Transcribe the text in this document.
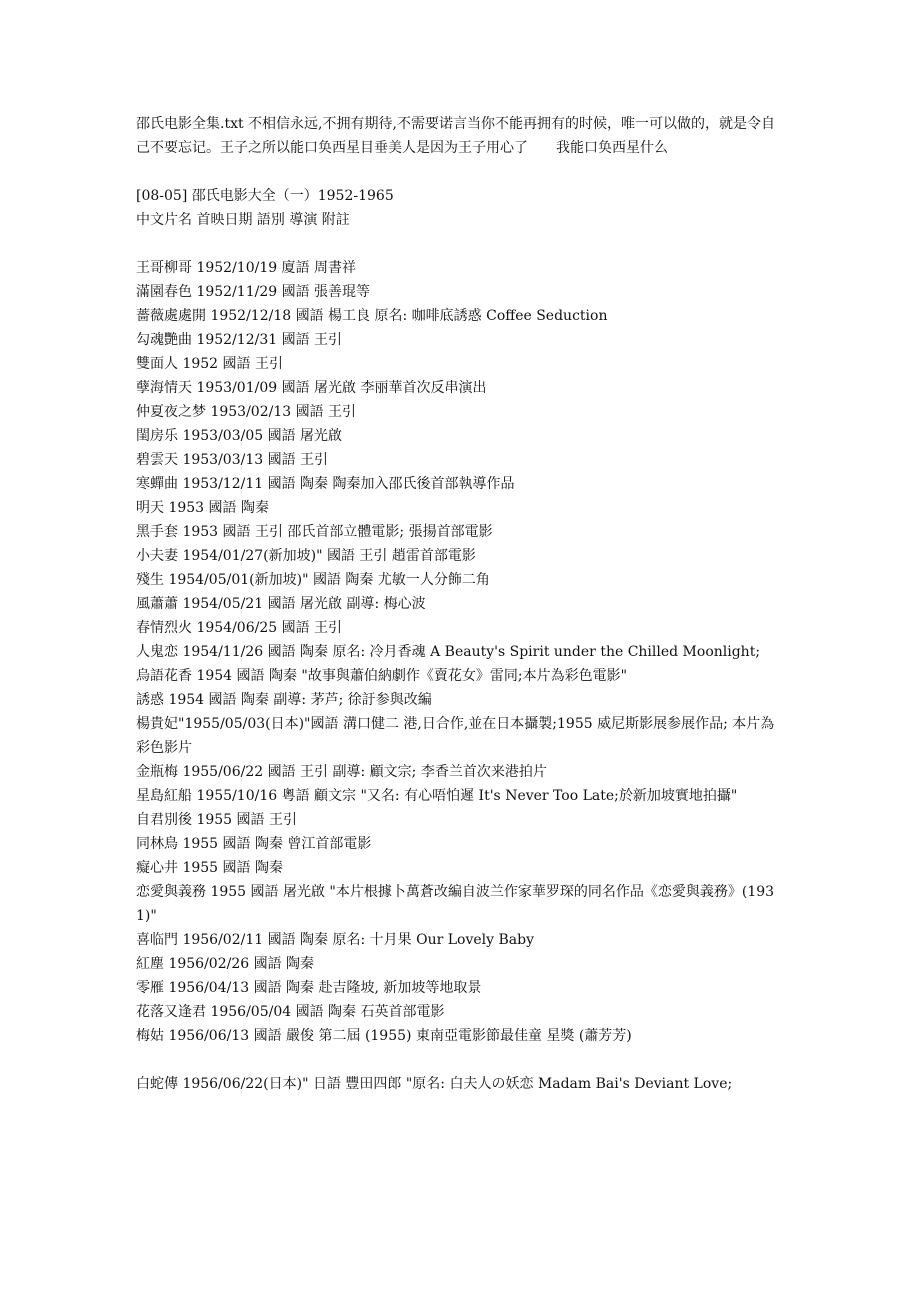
邵氏电影全集.txt 不相信永远,不拥有期待,不需要诺言当你不能再拥有的时候，唯一可以做的，就是令自己不要忘记。王子之所以能口奂西星目垂美人是因为王子用心了　　我能口奂西星什么
[08-05] 邵氏电影大全（一）1952-1965
中文片名 首映日期 語別 導演 附註
王哥柳哥 1952/10/19 廈語 周書祥
滿園春色 1952/11/29 國語 張善琨等
薔薇處處開 1952/12/18 國語 楊工良 原名: 咖啡底誘惑 Coffee Seduction
勾魂艷曲 1952/12/31 國語 王引
雙面人 1952 國語 王引
孽海情天 1953/01/09 國語 屠光啟 李丽華首次反串演出
仲夏夜之梦 1953/02/13 國語 王引
閨房乐 1953/03/05 國語 屠光啟
碧雲天 1953/03/13 國語 王引
寒蟬曲 1953/12/11 國語 陶秦 陶秦加入邵氏後首部執導作品
明天 1953 國語 陶秦
黑手套 1953 國語 王引 邵氏首部立體電影; 張揚首部電影
小夫妻 1954/01/27(新加坡)" 國語 王引 趙雷首部電影
殘生 1954/05/01(新加坡)" 國語 陶秦 尤敏一人分飾二角
風蕭蕭 1954/05/21 國語 屠光啟 副導: 梅心波
春情烈火 1954/06/25 國語 王引
人鬼恋 1954/11/26 國語 陶秦 原名: 冷月香魂 A Beauty's Spirit under the Chilled Moonlight;
烏語花香 1954 國語 陶秦 "故事與蕭伯納劇作《賣花女》雷同;本片為彩色電影"
誘惑 1954 國語 陶秦 副導: 茅芦; 徐訏参與改編
楊貴妃"1955/05/03(日本)"國語 溝口健二 港,日合作,並在日本攝製;1955 威尼斯影展参展作品; 本片為彩色影片
金瓶梅 1955/06/22 國語 王引 副導: 顧文宗; 李香兰首次来港拍片
星島紅船 1955/10/16 粵語 顧文宗 "又名: 有心唔怕遲 It's Never Too Late;於新加坡實地拍攝"
自君別後 1955 國語 王引
同林鳥 1955 國語 陶秦 曾江首部電影
癡心井 1955 國語 陶秦
恋愛與義務 1955 國語 屠光啟 "本片根據卜萬蒼改編自波兰作家華罗琛的同名作品《恋愛與義務》(1931)"
喜临門 1956/02/11 國語 陶秦 原名: 十月果 Our Lovely Baby
紅塵 1956/02/26 國語 陶秦
零雁 1956/04/13 國語 陶秦 赴吉隆坡, 新加坡等地取景
花落又逢君 1956/05/04 國語 陶秦 石英首部電影
梅姑 1956/06/13 國語 嚴俊 第二屆 (1955) 東南亞電影節最佳童 星獎 (蕭芳芳)
白蛇傳 1956/06/22(日本)" 日語 豐田四郎 "原名: 白夫人の妖恋 Madam Bai's Deviant Love;
